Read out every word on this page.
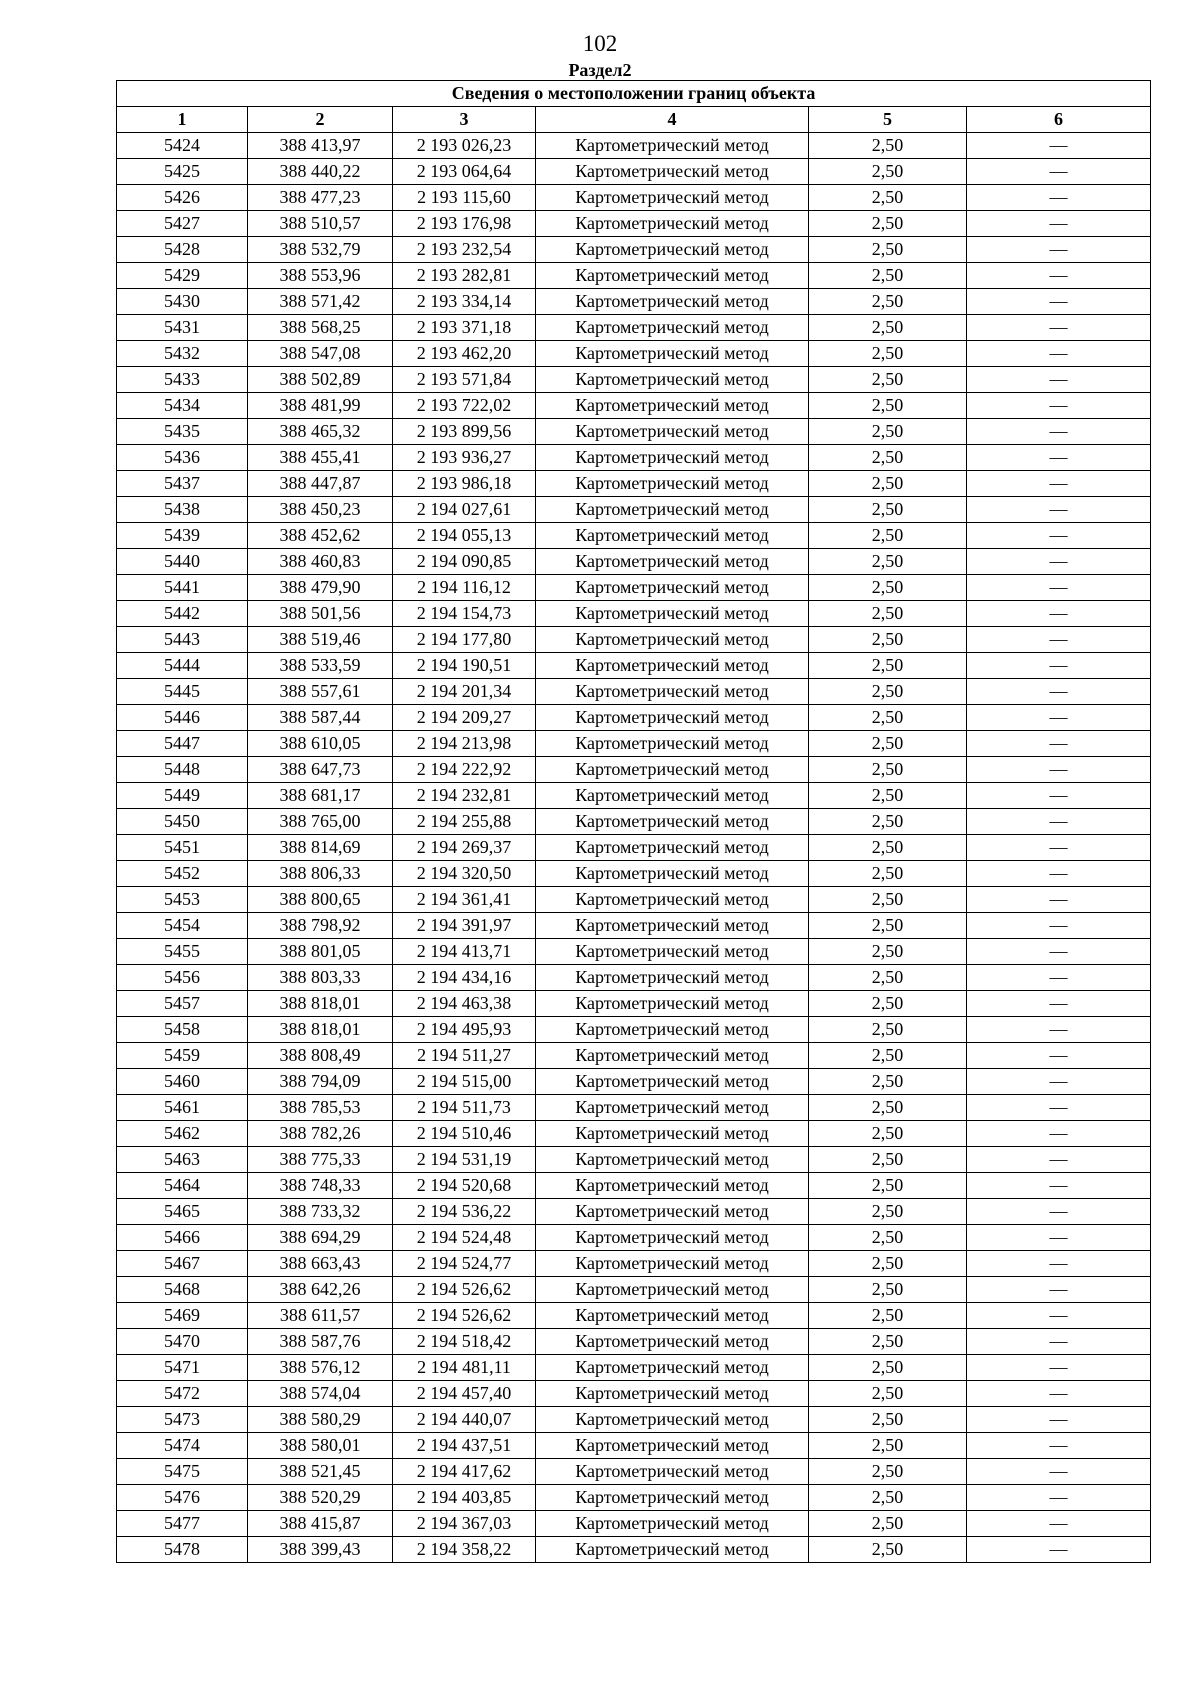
102
Раздел2
Сведения о местоположении границ объекта					
1	2	3	4	5	6
5424	388 413,97	2 193 026,23	Картометрический метод	2,50	—
5425	388 440,22	2 193 064,64	Картометрический метод	2,50	—
5426	388 477,23	2 193 115,60	Картометрический метод	2,50	—
5427	388 510,57	2 193 176,98	Картометрический метод	2,50	—
5428	388 532,79	2 193 232,54	Картометрический метод	2,50	—
5429	388 553,96	2 193 282,81	Картометрический метод	2,50	—
5430	388 571,42	2 193 334,14	Картометрический метод	2,50	—
5431	388 568,25	2 193 371,18	Картометрический метод	2,50	—
5432	388 547,08	2 193 462,20	Картометрический метод	2,50	—
5433	388 502,89	2 193 571,84	Картометрический метод	2,50	—
5434	388 481,99	2 193 722,02	Картометрический метод	2,50	—
5435	388 465,32	2 193 899,56	Картометрический метод	2,50	—
5436	388 455,41	2 193 936,27	Картометрический метод	2,50	—
5437	388 447,87	2 193 986,18	Картометрический метод	2,50	—
5438	388 450,23	2 194 027,61	Картометрический метод	2,50	—
5439	388 452,62	2 194 055,13	Картометрический метод	2,50	—
5440	388 460,83	2 194 090,85	Картометрический метод	2,50	—
5441	388 479,90	2 194 116,12	Картометрический метод	2,50	—
5442	388 501,56	2 194 154,73	Картометрический метод	2,50	—
5443	388 519,46	2 194 177,80	Картометрический метод	2,50	—
5444	388 533,59	2 194 190,51	Картометрический метод	2,50	—
5445	388 557,61	2 194 201,34	Картометрический метод	2,50	—
5446	388 587,44	2 194 209,27	Картометрический метод	2,50	—
5447	388 610,05	2 194 213,98	Картометрический метод	2,50	—
5448	388 647,73	2 194 222,92	Картометрический метод	2,50	—
5449	388 681,17	2 194 232,81	Картометрический метод	2,50	—
5450	388 765,00	2 194 255,88	Картометрический метод	2,50	—
5451	388 814,69	2 194 269,37	Картометрический метод	2,50	—
5452	388 806,33	2 194 320,50	Картометрический метод	2,50	—
5453	388 800,65	2 194 361,41	Картометрический метод	2,50	—
5454	388 798,92	2 194 391,97	Картометрический метод	2,50	—
5455	388 801,05	2 194 413,71	Картометрический метод	2,50	—
5456	388 803,33	2 194 434,16	Картометрический метод	2,50	—
5457	388 818,01	2 194 463,38	Картометрический метод	2,50	—
5458	388 818,01	2 194 495,93	Картометрический метод	2,50	—
5459	388 808,49	2 194 511,27	Картометрический метод	2,50	—
5460	388 794,09	2 194 515,00	Картометрический метод	2,50	—
5461	388 785,53	2 194 511,73	Картометрический метод	2,50	—
5462	388 782,26	2 194 510,46	Картометрический метод	2,50	—
5463	388 775,33	2 194 531,19	Картометрический метод	2,50	—
5464	388 748,33	2 194 520,68	Картометрический метод	2,50	—
5465	388 733,32	2 194 536,22	Картометрический метод	2,50	—
5466	388 694,29	2 194 524,48	Картометрический метод	2,50	—
5467	388 663,43	2 194 524,77	Картометрический метод	2,50	—
5468	388 642,26	2 194 526,62	Картометрический метод	2,50	—
5469	388 611,57	2 194 526,62	Картометрический метод	2,50	—
5470	388 587,76	2 194 518,42	Картометрический метод	2,50	—
5471	388 576,12	2 194 481,11	Картометрический метод	2,50	—
5472	388 574,04	2 194 457,40	Картометрический метод	2,50	—
5473	388 580,29	2 194 440,07	Картометрический метод	2,50	—
5474	388 580,01	2 194 437,51	Картометрический метод	2,50	—
5475	388 521,45	2 194 417,62	Картометрический метод	2,50	—
5476	388 520,29	2 194 403,85	Картометрический метод	2,50	—
5477	388 415,87	2 194 367,03	Картометрический метод	2,50	—
5478	388 399,43	2 194 358,22	Картометрический метод	2,50	—
